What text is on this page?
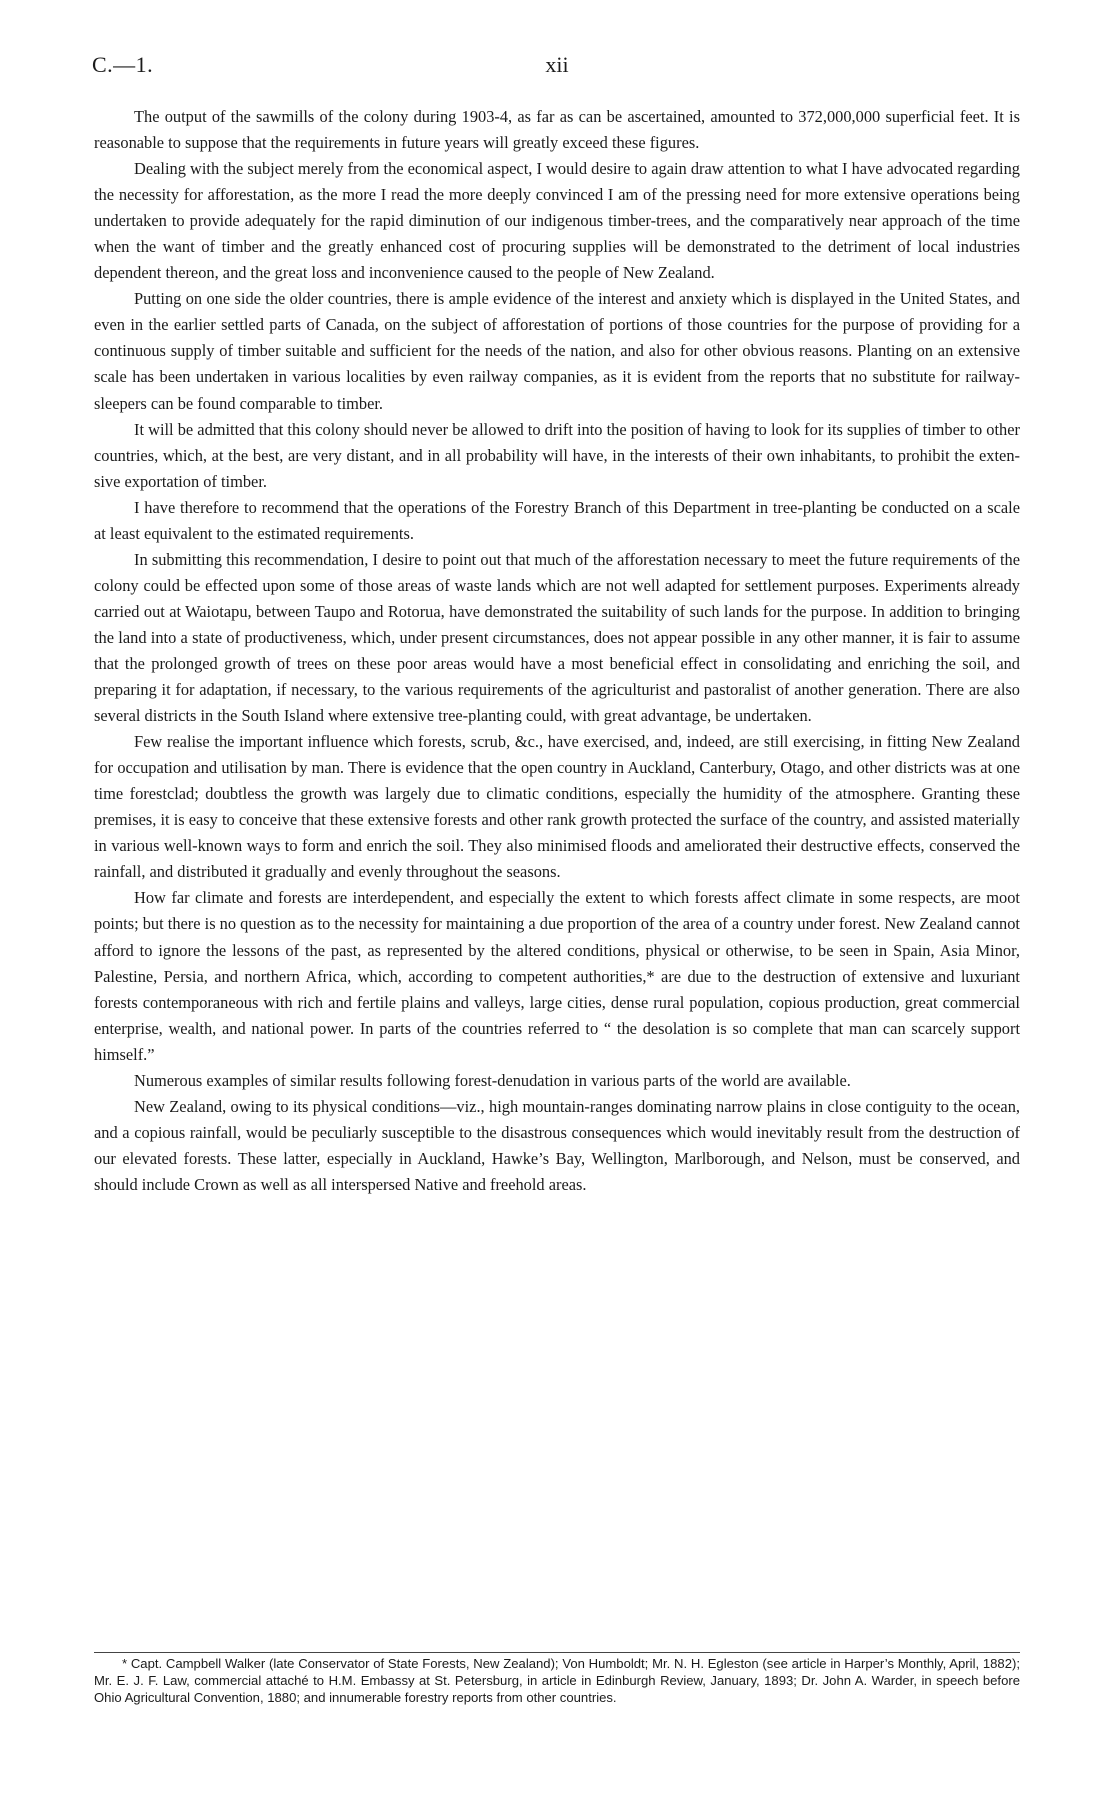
C.—1.	xii

The output of the sawmills of the colony during 1903-4, as far as can be ascertained, amounted to 372,000,000 superficial feet. It is reasonable to suppose that the requirements in future years will greatly exceed these figures.

Dealing with the subject merely from the economical aspect, I would desire to again draw attention to what I have advocated regarding the necessity for afforestation, as the more I read the more deeply convinced I am of the pressing need for more extensive operations being undertaken to provide adequately for the rapid diminution of our indigenous timber-trees, and the comparatively near approach of the time when the want of timber and the greatly enhanced cost of procuring supplies will be demonstrated to the detriment of local industries dependent thereon, and the great loss and inconvenience caused to the people of New Zealand.

Putting on one side the older countries, there is ample evidence of the interest and anxiety which is displayed in the United States, and even in the earlier settled parts of Canada, on the subject of afforestation of portions of those countries for the purpose of providing for a continuous supply of timber suitable and sufficient for the needs of the nation, and also for other obvious reasons. Planting on an extensive scale has been undertaken in various localities by even railway companies, as it is evident from the reports that no substitute for railway-sleepers can be found comparable to timber.

It will be admitted that this colony should never be allowed to drift into the position of having to look for its supplies of timber to other countries, which, at the best, are very distant, and in all probability will have, in the interests of their own inhabitants, to prohibit the extensive exportation of timber.

I have therefore to recommend that the operations of the Forestry Branch of this Department in tree-planting be conducted on a scale at least equivalent to the estimated requirements.

In submitting this recommendation, I desire to point out that much of the afforestation necessary to meet the future requirements of the colony could be effected upon some of those areas of waste lands which are not well adapted for settlement purposes. Experiments already carried out at Waiotapu, between Taupo and Rotorua, have demonstrated the suitability of such lands for the purpose. In addition to bringing the land into a state of productiveness, which, under present circumstances, does not appear possible in any other manner, it is fair to assume that the prolonged growth of trees on these poor areas would have a most beneficial effect in consolidating and enriching the soil, and preparing it for adaptation, if necessary, to the various requirements of the agriculturist and pastoralist of another generation. There are also several districts in the South Island where extensive tree-planting could, with great advantage, be undertaken.

Few realise the important influence which forests, scrub, &c., have exercised, and, indeed, are still exercising, in fitting New Zealand for occupation and utilisation by man. There is evidence that the open country in Auckland, Canterbury, Otago, and other districts was at one time forestclad; doubtless the growth was largely due to climatic conditions, especially the humidity of the atmosphere. Granting these premises, it is easy to conceive that these extensive forests and other rank growth protected the surface of the country, and assisted materially in various well-known ways to form and enrich the soil. They also minimised floods and ameliorated their destructive effects, conserved the rainfall, and distributed it gradually and evenly throughout the seasons.

How far climate and forests are interdependent, and especially the extent to which forests affect climate in some respects, are moot points; but there is no question as to the necessity for maintaining a due proportion of the area of a country under forest. New Zealand cannot afford to ignore the lessons of the past, as represented by the altered conditions, physical or otherwise, to be seen in Spain, Asia Minor, Palestine, Persia, and northern Africa, which, according to competent authorities,* are due to the destruction of extensive and luxuriant forests contemporaneous with rich and fertile plains and valleys, large cities, dense rural population, copious production, great commercial enterprise, wealth, and national power. In parts of the countries referred to “ the desolation is so complete that man can scarcely support himself.”

Numerous examples of similar results following forest-denudation in various parts of the world are available.

New Zealand, owing to its physical conditions—viz., high mountain-ranges dominating narrow plains in close contiguity to the ocean, and a copious rainfall, would be peculiarly susceptible to the disastrous consequences which would inevitably result from the destruction of our elevated forests. These latter, especially in Auckland, Hawke’s Bay, Wellington, Marlborough, and Nelson, must be conserved, and should include Crown as well as all interspersed Native and freehold areas.

* Capt. Campbell Walker (late Conservator of State Forests, New Zealand); Von Humboldt; Mr. N. H. Egleston (see article in Harper’s Monthly, April, 1882); Mr. E. J. F. Law, commercial attaché to H.M. Embassy at St. Petersburg, in article in Edinburgh Review, January, 1893; Dr. John A. Warder, in speech before Ohio Agricultural Convention, 1880; and innumerable forestry reports from other countries.
